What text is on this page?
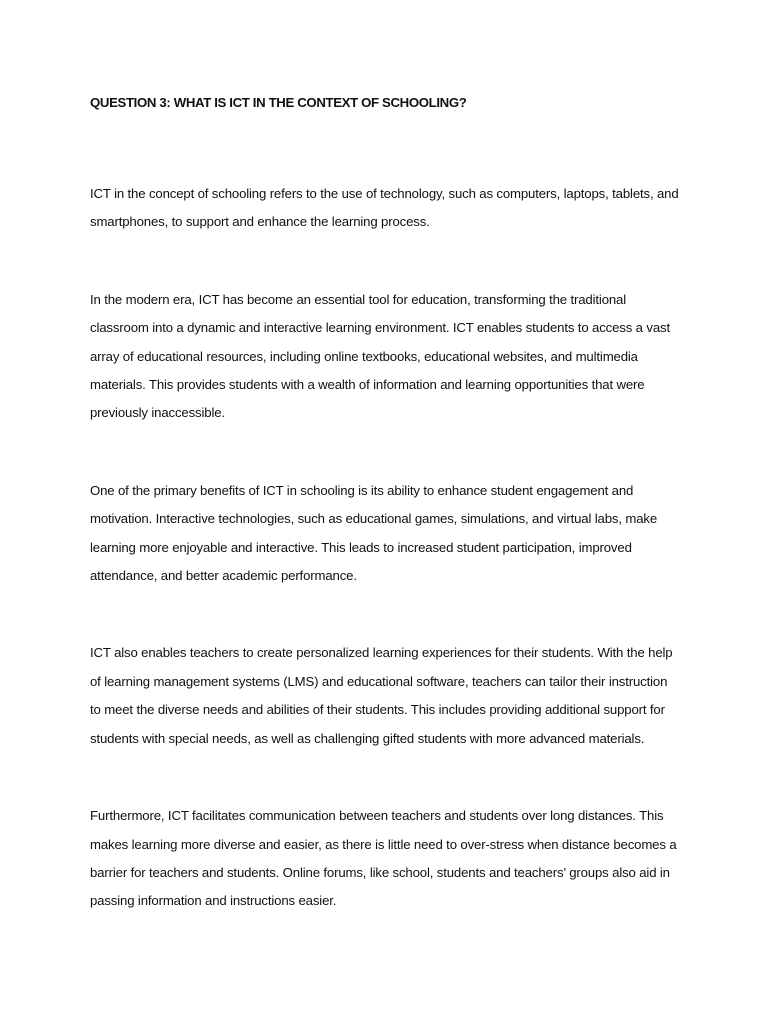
QUESTION 3: WHAT IS ICT IN THE CONTEXT OF SCHOOLING?

ICT in the concept of schooling refers to the use of technology, such as computers, laptops, tablets, and smartphones, to support and enhance the learning process.

In the modern era, ICT has become an essential tool for education, transforming the traditional classroom into a dynamic and interactive learning environment. ICT enables students to access a vast array of educational resources, including online textbooks, educational websites, and multimedia materials. This provides students with a wealth of information and learning opportunities that were previously inaccessible.

One of the primary benefits of ICT in schooling is its ability to enhance student engagement and motivation. Interactive technologies, such as educational games, simulations, and virtual labs, make learning more enjoyable and interactive. This leads to increased student participation, improved attendance, and better academic performance.

ICT also enables teachers to create personalized learning experiences for their students. With the help of learning management systems (LMS) and educational software, teachers can tailor their instruction to meet the diverse needs and abilities of their students. This includes providing additional support for students with special needs, as well as challenging gifted students with more advanced materials.

Furthermore, ICT facilitates communication between teachers and students over long distances. This makes learning more diverse and easier, as there is little need to over-stress when distance becomes a barrier for teachers and students. Online forums, like school, students and teachers’ groups also aid in passing information and instructions easier.
